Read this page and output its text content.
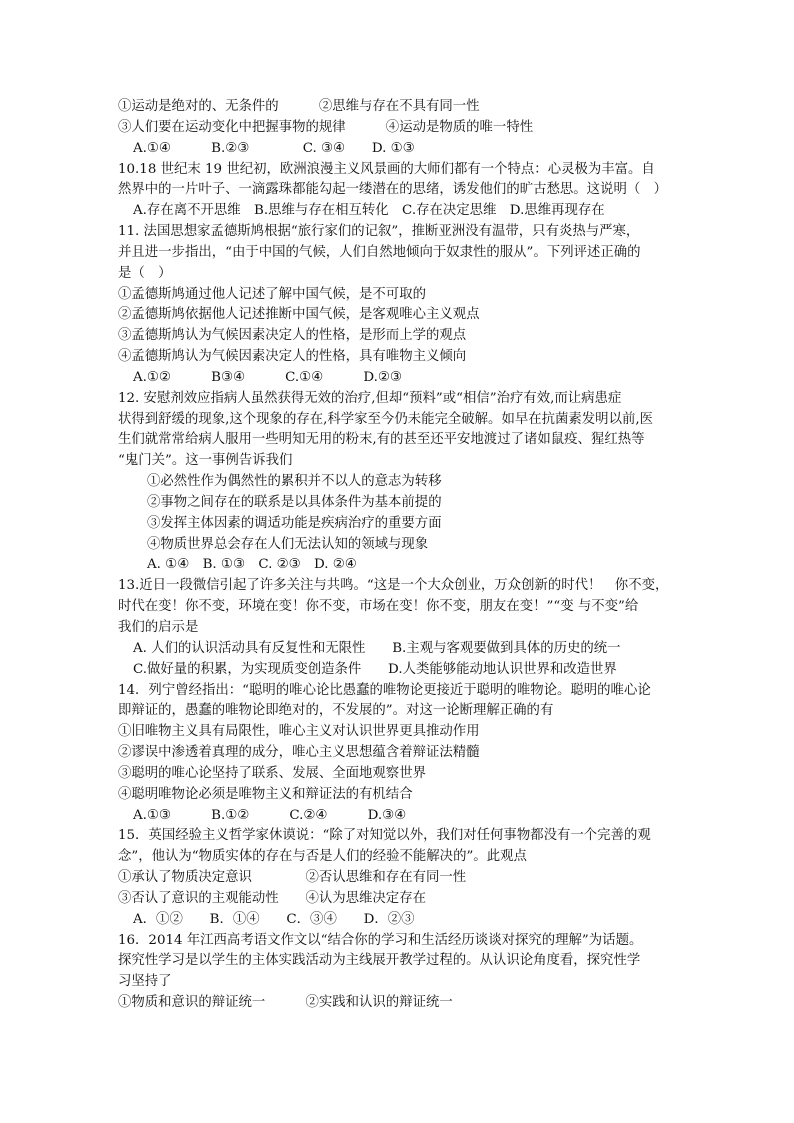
①运动是绝对的、无条件的　　　②思维与存在不具有同一性
③人们要在运动变化中把握事物的规律　　　④运动是物质的唯一特性
A.①④　　　B.②③　　　　C. ③④　　D. ①③
10.18 世纪末 19 世纪初，欧洲浪漫主义风景画的大师们都有一个特点：心灵极为丰富。自
然界中的一片叶子、一滴露珠都能勾起一缕潜在的思绪，诱发他们的旷古愁思。这说明（　）
A.存在离不开思维　B.思维与存在相互转化　C.存在决定思维　D.思维再现存在
11. 法国思想家孟德斯鸠根据“旅行家们的记叙”，推断亚洲没有温带，只有炎热与严寒，
并且进一步指出，“由于中国的气候，人们自然地倾向于奴隶性的服从”。下列评述正确的
是（　）
①孟德斯鸠通过他人记述了解中国气候，是不可取的
②孟德斯鸠依据他人记述推断中国气候，是客观唯心主义观点
③孟德斯鸠认为气候因素决定人的性格，是形而上学的观点
④孟德斯鸠认为气候因素决定人的性格，具有唯物主义倾向
A.①②　　　B③④　　　C.①④　　　D.②③
12. 安慰剂效应指病人虽然获得无效的治疗,但却“预料”或“相信”治疗有效,而让病患症
状得到舒缓的现象,这个现象的存在,科学家至今仍未能完全破解。如早在抗菌素发明以前,医
生们就常常给病人服用一些明知无用的粉末,有的甚至还平安地渡过了诸如鼠疫、猩红热等
“鬼门关”。这一事例告诉我们
①必然性作为偶然性的累积并不以人的意志为转移
②事物之间存在的联系是以具体条件为基本前提的
③发挥主体因素的调适功能是疾病治疗的重要方面
④物质世界总会存在人们无法认知的领域与现象
A. ①④　B. ①③　C. ②③　D. ②④
13.近日一段微信引起了许多关注与共鸣。“这是一个大众创业，万众创新的时代！　你不变，
时代在变！你不变，环境在变！你不变，市场在变！你不变，朋友在变！”“变 与不变”给
我们的启示是
A. 人们的认识活动具有反复性和无限性　　B.主观与客观要做到具体的历史的统一
C.做好量的积累，为实现质变创造条件　　D.人类能够能动地认识世界和改造世界
14．列宁曾经指出：“聪明的唯心论比愚蠢的唯物论更接近于聪明的唯物论。聪明的唯心论
即辩证的，愚蠢的唯物论即绝对的，不发展的”。对这一论断理解正确的有
①旧唯物主义具有局限性，唯心主义对认识世界更具推动作用
②谬误中渗透着真理的成分，唯心主义思想蕴含着辩证法精髓
③聪明的唯心论坚持了联系、发展、全面地观察世界
④聪明唯物论必须是唯物主义和辩证法的有机结合
A.①③　　　B.①②　　　C.②④　　　D.③④
15．英国经验主义哲学家休谟说：“除了对知觉以外，我们对任何事物都没有一个完善的观
念”，他认为“物质实体的存在与否是人们的经验不能解决的”。此观点
①承认了物质决定意识　　　　②否认思维和存在有同一性
③否认了意识的主观能动性　　④认为思维决定存在
A．①②　　B．①④　　C．③④　　D．②③
16．2014 年江西高考语文作文以“结合你的学习和生活经历谈谈对探究的理解”为话题。
探究性学习是以学生的主体实践活动为主线展开教学过程的。从认识论角度看，探究性学
习坚持了
①物质和意识的辩证统一　　　②实践和认识的辩证统一
